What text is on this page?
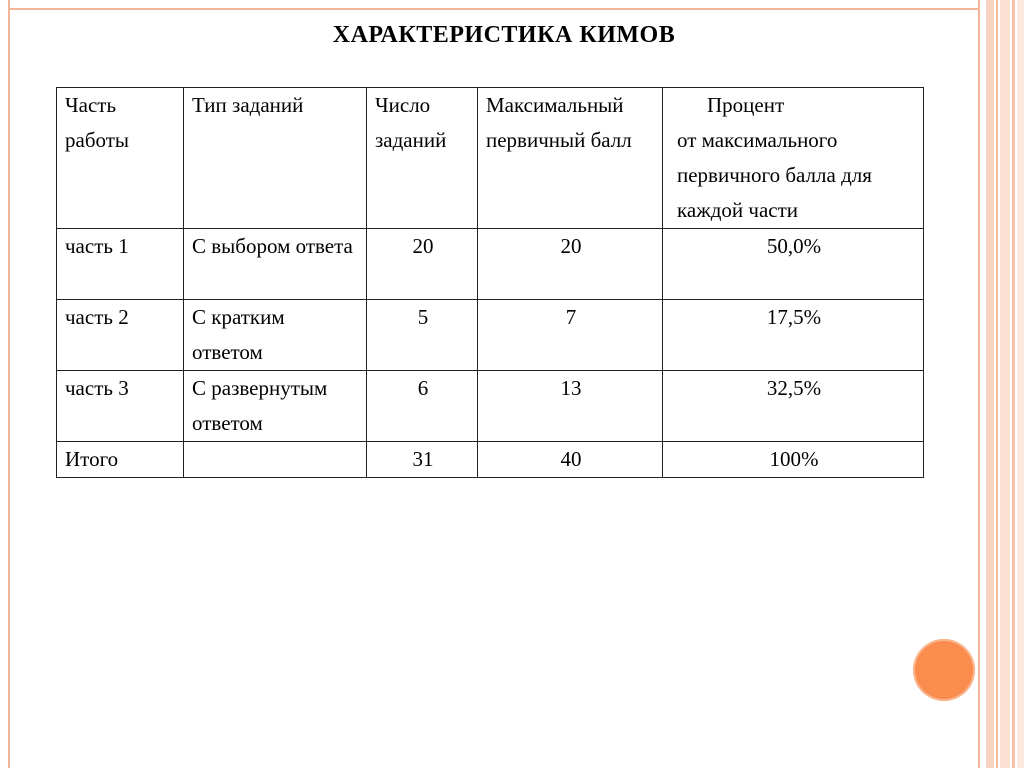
ХАРАКТЕРИСТИКА КИМОВ
Часть работы	Тип заданий	Число заданий	Максимальный первичный балл	Процент
от максимального первичного балла для каждой части

часть 1	С выбором ответа	20	20	50,0%
часть 2	С кратким ответом	5	7	17,5%
часть 3	С развернутым ответом	6	13	32,5%
Итого		31	40	100%
